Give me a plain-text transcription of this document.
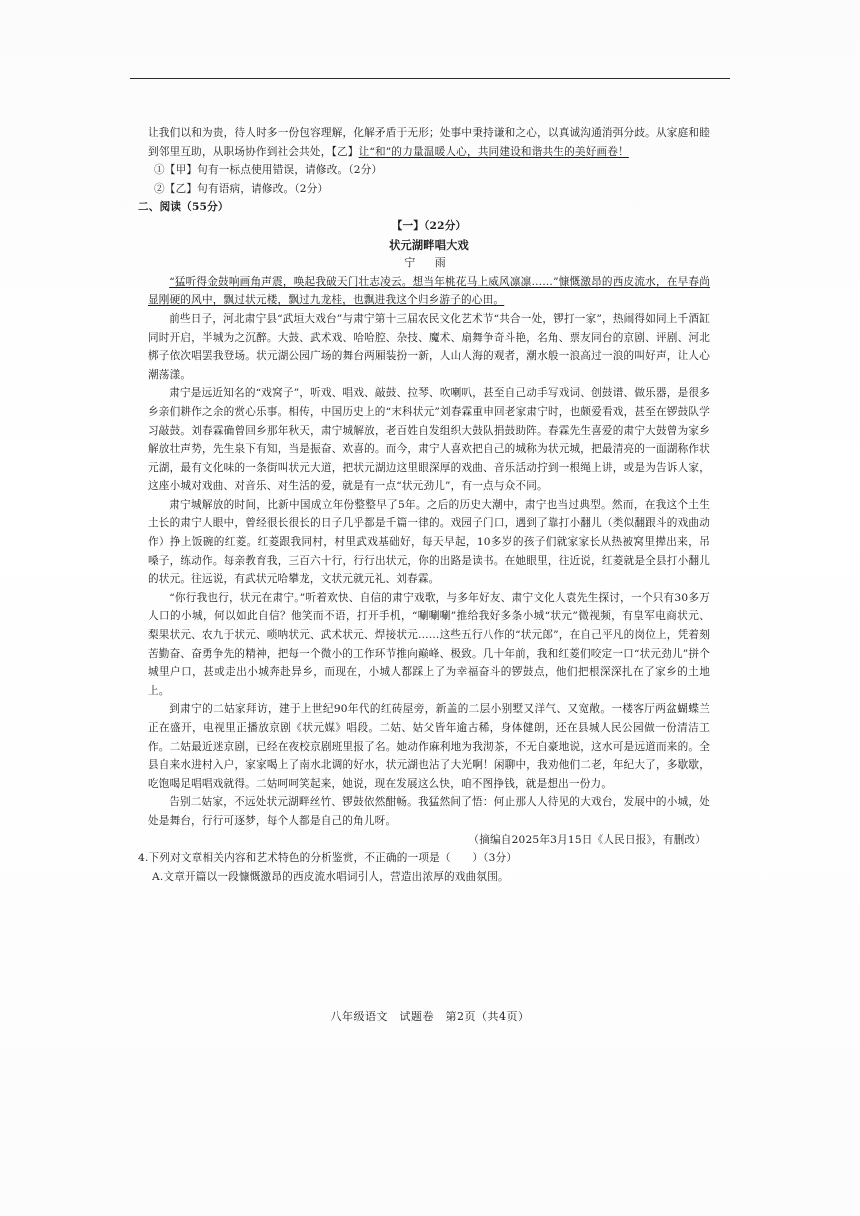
让我们以和为贵，待人时多一份包容理解，化解矛盾于无形；处事中秉持谦和之心，以真诚沟通消弭分歧。从家庭和睦到邻里互助，从职场协作到社会共处，【乙】让“和”的力量温暖人心，共同建设和谐共生的美好画卷！

①【甲】句有一标点使用错误，请修改。（2分）

②【乙】句有语病，请修改。（2分）

二、阅读（55分）

【一】（22分）

状元湖畔唱大戏

宁 雨

“猛听得金鼓响画角声震，唤起我破天门壮志凌云。想当年桃花马上威风凛凛……”慷慨激昂的西皮流水，在早春尚显刚硬的风中，飘过状元楼，飘过九龙桂，也飘进我这个归乡游子的心田。

前些日子，河北肃宁县“武垣大戏台”与肃宁第十三届农民文化艺术节“共合一处，锣打一家”，热闹得如同上千酒缸同时开启，半城为之沉醉。大鼓、武术戏、哈哈腔、杂技、魔术、扇舞争奇斗艳，名角、票友同台的京剧、评剧、河北梆子依次唱罢我登场。状元湖公园广场的舞台两厢装扮一新，人山人海的观者，潮水般一浪高过一浪的叫好声，让人心潮荡漾。

肃宁是远近知名的“戏窝子”，听戏、唱戏、敲鼓、拉琴、吹喇叭，甚至自己动手写戏词、创鼓谱、做乐器，是很多乡亲们耕作之余的赏心乐事。相传，中国历史上的“末科状元”刘春霖重申回老家肃宁时，也颇爱看戏，甚至在锣鼓队学习敲鼓。刘春霖确曾回乡那年秋天，肃宁城解放，老百姓自发组织大鼓队捐鼓助阵。春霖先生喜爱的肃宁大鼓曾为家乡解放壮声势，先生泉下有知，当是振奋、欢喜的。而今，肃宁人喜欢把自己的城称为状元城，把最清亮的一面湖称作状元湖，最有文化味的一条街叫状元大道，把状元湖边这里眼深厚的戏曲、音乐活动拧到一根绳上讲，或是为告诉人家，这座小城对戏曲、对音乐、对生活的爱，就是有一点“状元劲儿”，有一点与众不同。

肃宁城解放的时间，比新中国成立年份整整早了5年。之后的历史大潮中，肃宁也当过典型。然而，在我这个土生土长的肃宁人眼中，曾经很长很长的日子几乎都是千篇一律的。戏园子门口，遇到了靠打小翻儿（类似翻跟斗的戏曲动作）挣上饭碗的红菱。红菱跟我同村，村里武戏基础好，每天早起，10多岁的孩子们就家家长从热被窝里撵出来，吊嗓子，练动作。每亲教育我，三百六十行，行行出状元，你的出路是读书。在她眼里，往近说，红菱就是全县打小翻儿的状元。往远说，有武状元哈攀龙，文状元就元礼、刘春霖。

“你行我也行，状元在肃宁。”听着欢快、自信的肃宁戏歌，与多年好友、肃宁文化人袁先生探讨，一个只有30多万人口的小城，何以如此自信？他笑而不语，打开手机，“唰唰唰”推给我好多条小城“状元”微视频，有皇军电商状元、梨果状元、农九于状元、唢呐状元、武术状元、焊接状元……这些五行八作的“状元郎”，在自己平凡的岗位上，凭着刻苦勤奋、奋勇争先的精神，把每一个微小的工作环节推向巅峰、极致。几十年前，我和红菱们咬定一口“状元劲儿”拼个城里户口，甚或走出小城奔赴异乡，而现在，小城人都踩上了为幸福奋斗的锣鼓点，他们把根深深扎在了家乡的土地上。

到肃宁的二姑家拜访，建于上世纪90年代的红砖屋旁，新盖的二层小别墅又洋气、又宽敞。一楼客厅两盆蝴蝶兰正在盛开，电视里正播放京剧《状元媒》唱段。二姑、姑父皆年逾古稀，身体健朗，还在县城人民公园做一份清洁工作。二姑最近迷京剧，已经在夜校京剧班里报了名。她动作麻利地为我沏茶，不无自豪地说，这水可是远道而来的。全县自来水进村入户，家家喝上了南水北调的好水，状元湖也沾了大光啊！闲聊中，我劝他们二老，年纪大了，多歇歇，吃饱喝足唱唱戏就得。二姑呵呵笑起来，她说，现在发展这么快，咱不图挣钱，就是想出一份力。

告别二姑家，不远处状元湖畔丝竹、锣鼓依然酣畅。我猛然间了悟：何止那人人待见的大戏台，发展中的小城，处处是舞台，行行可逐梦，每个人都是自己的角儿呀。

（摘编自2025年3月15日《人民日报》，有删改）

4.下列对文章相关内容和艺术特色的分析鉴赏，不正确的一项是（　　）（3分）

A.文章开篇以一段慷慨激昂的西皮流水唱词引人，营造出浓厚的戏曲氛围。

八年级语文　试题卷　第2页（共4页）
